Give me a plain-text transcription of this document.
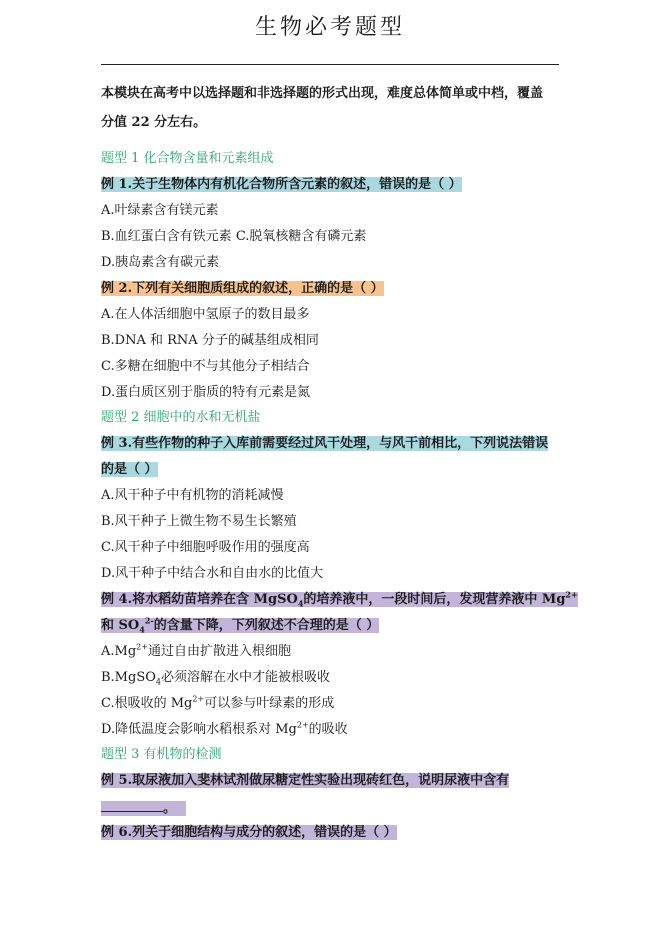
生物必考题型
本模块在高考中以选择题和非选择题的形式出现，难度总体简单或中档，覆盖
分值 22 分左右。
题型 1 化合物含量和元素组成
例 1.关于生物体内有机化合物所含元素的叙述，错误的是（ ）
A.叶绿素含有镁元素
B.血红蛋白含有铁元素 C.脱氧核糖含有磷元素
D.胰岛素含有碳元素
例 2.下列有关细胞质组成的叙述，正确的是（ ）
A.在人体活细胞中氢原子的数目最多
B.DNA 和 RNA 分子的碱基组成相同
C.多糖在细胞中不与其他分子相结合
D.蛋白质区别于脂质的特有元素是氮
题型 2 细胞中的水和无机盐
例 3.有些作物的种子入库前需要经过风干处理，与风干前相比，下列说法错误
的是（ ）
A.风干种子中有机物的消耗减慢
B.风干种子上微生物不易生长繁殖
C.风干种子中细胞呼吸作用的强度高
D.风干种子中结合水和自由水的比值大
例 4.将水稻幼苗培养在含 MgSO$_4$的培养液中，一段时间后，发现营养液中 $Mg^{2+}$
和 $SO_4^{2-}$的含量下降，下列叙述不合理的是（ ）
$A.Mg^{2+}$通过自由扩散进入根细胞
B.MgSO$_4$必须溶解在水中才能被根吸收
C.根吸收的 $Mg^{2+}$可以参与叶绿素的形成
D.降低温度会影响水稻根系对 $Mg^{2+}$的吸收
题型 3 有机物的检测
例 5.取尿液加入斐林试剂做尿糖定性实验出现砖红色，说明尿液中含有
。
例 6.列关于细胞结构与成分的叙述，错误的是（ ）
